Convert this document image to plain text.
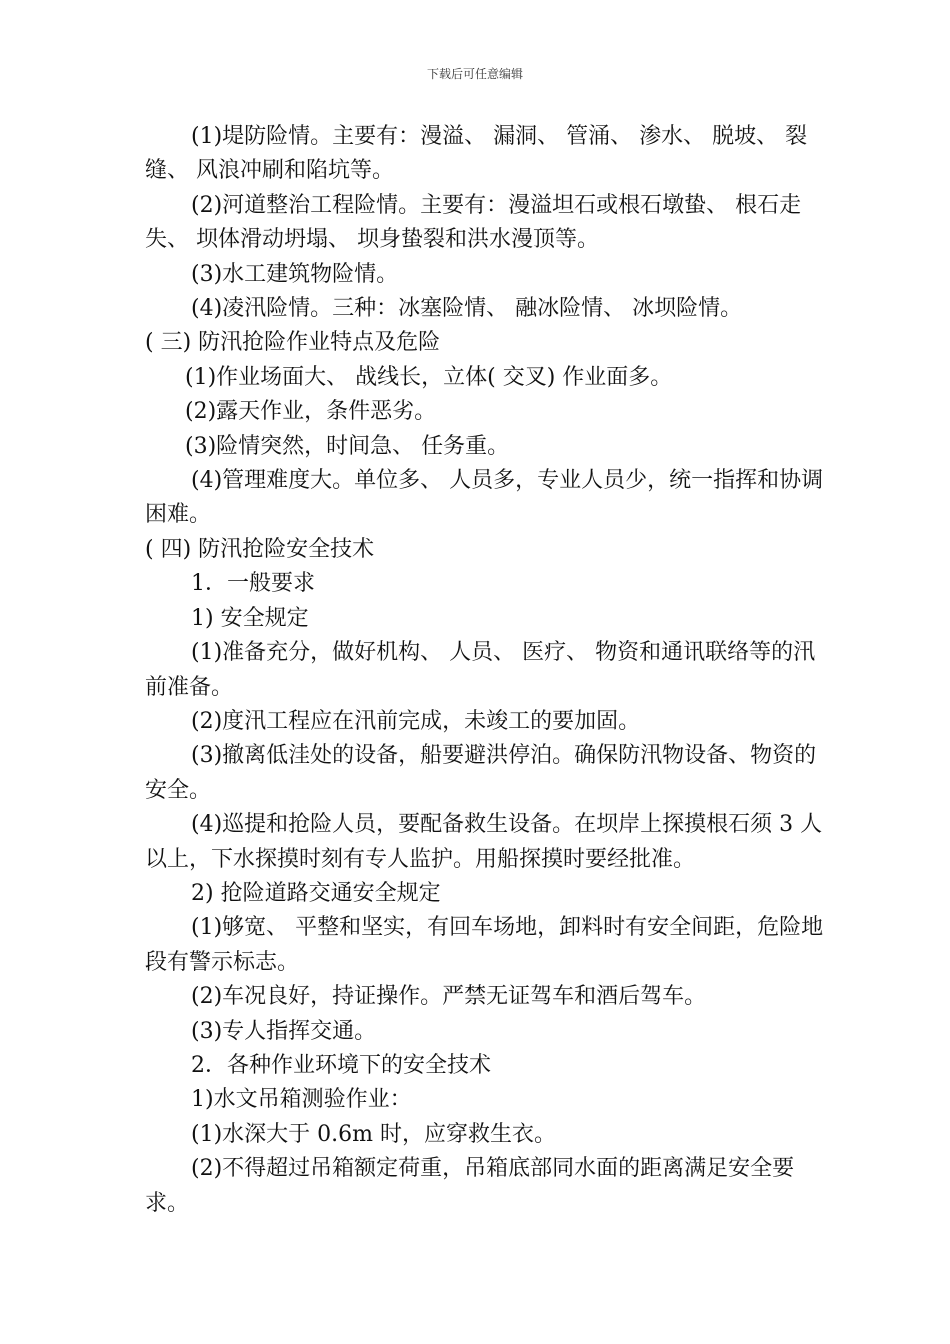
下载后可任意编辑

(1)堤防险情。主要有：漫溢、 漏洞、 管涌、 渗水、 脱坡、 裂缝、 风浪冲刷和陷坑等。

(2)河道整治工程险情。主要有：漫溢坦石或根石墩蛰、 根石走失、 坝体滑动坍塌、 坝身蛰裂和洪水漫顶等。

(3)水工建筑物险情。

(4)凌汛险情。三种：冰塞险情、 融冰险情、 冰坝险情。

( 三) 防汛抢险作业特点及危险

(1)作业场面大、 战线长，立体( 交叉) 作业面多。

(2)露天作业，条件恶劣。

(3)险情突然，时间急、 任务重。

(4)管理难度大。单位多、 人员多，专业人员少，统一指挥和协调困难。

( 四) 防汛抢险安全技术

1．一般要求

1) 安全规定

(1)准备充分，做好机构、 人员、 医疗、 物资和通讯联络等的汛前准备。

(2)度汛工程应在汛前完成，未竣工的要加固。

(3)撤离低洼处的设备，船要避洪停泊。确保防汛物设备、物资的安全。

(4)巡提和抢险人员，要配备救生设备。在坝岸上探摸根石须 3 人以上，下水探摸时刻有专人监护。用船探摸时要经批准。

2) 抢险道路交通安全规定

(1)够宽、 平整和坚实，有回车场地，卸料时有安全间距，危险地段有警示标志。

(2)车况良好，持证操作。严禁无证驾车和酒后驾车。

(3)专人指挥交通。

2．各种作业环境下的安全技术

1)水文吊箱测验作业：

(1)水深大于 0.6m 时，应穿救生衣。

(2)不得超过吊箱额定荷重，吊箱底部同水面的距离满足安全要求。
